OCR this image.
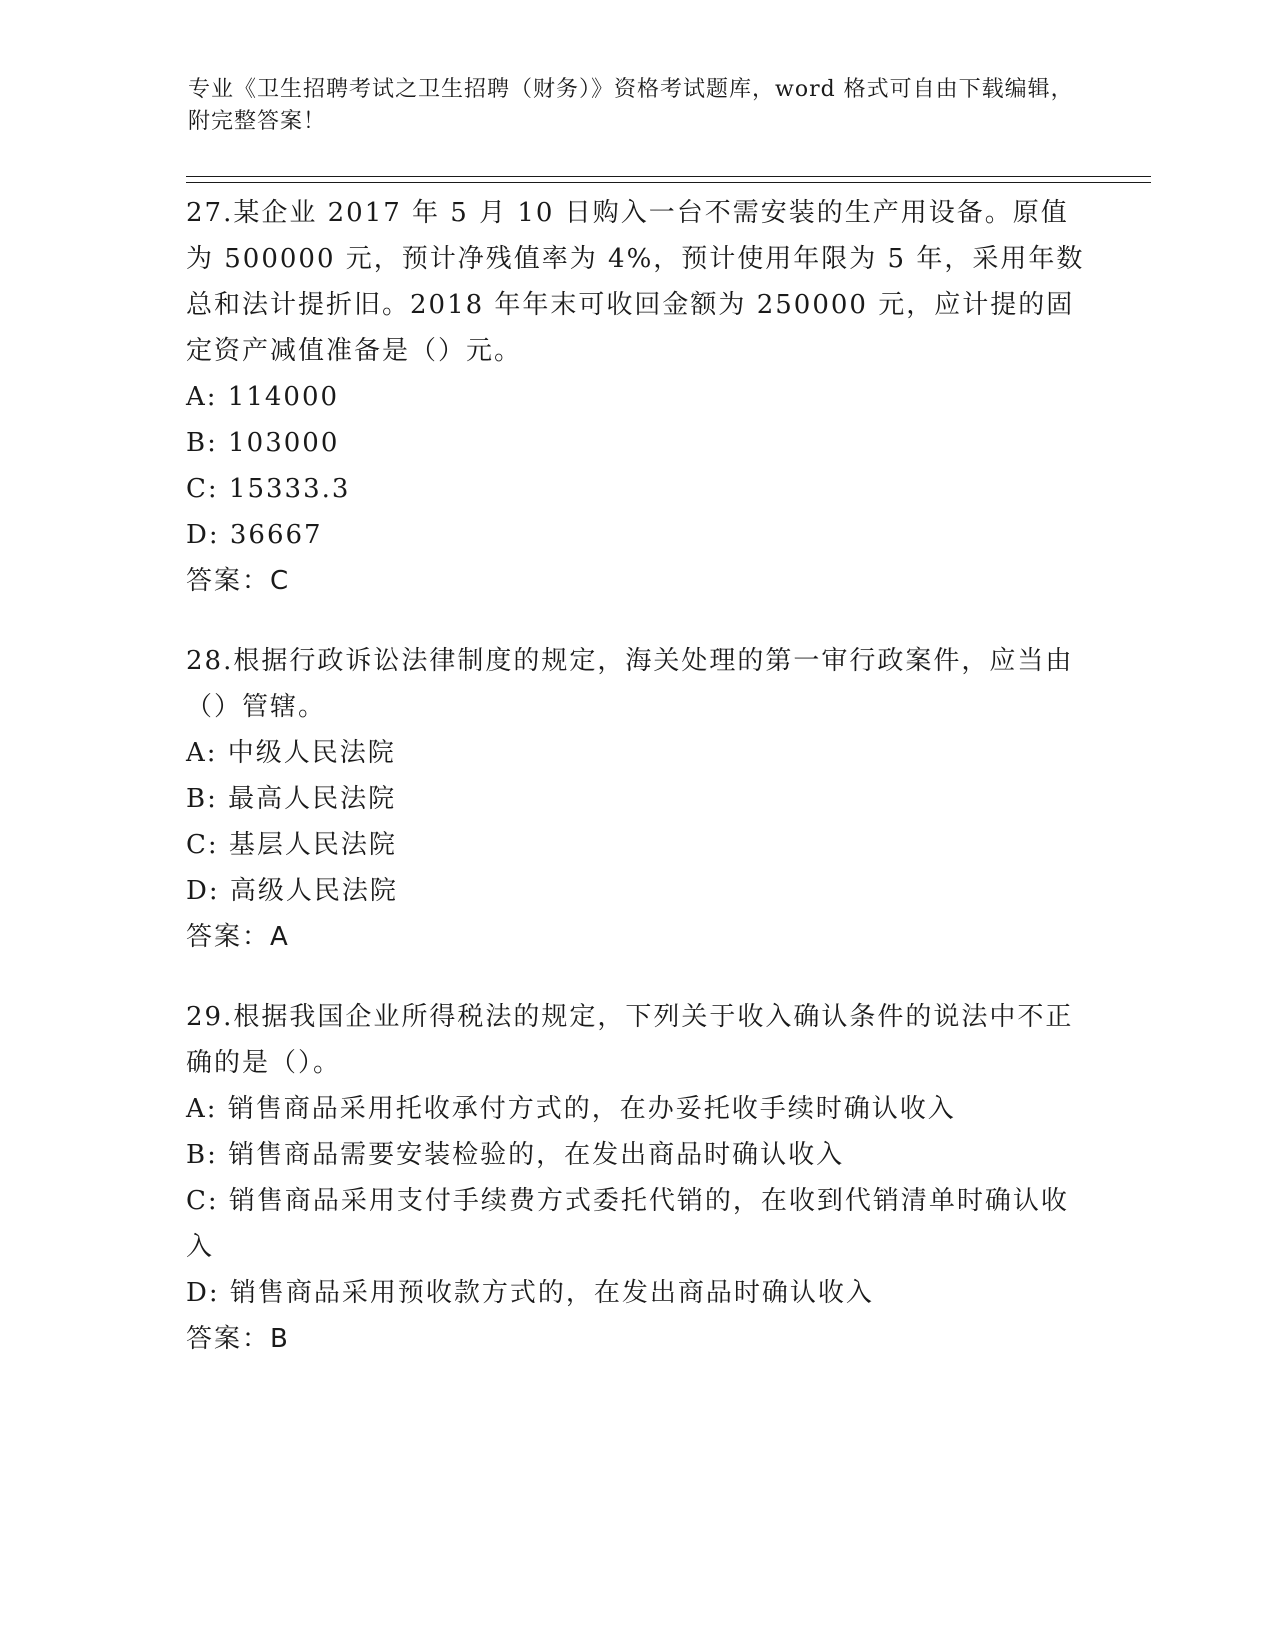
专业《卫生招聘考试之卫生招聘（财务）》资格考试题库，word 格式可自由下载编辑，附完整答案！
27.某企业 2017 年 5 月 10 日购入一台不需安装的生产用设备。原值为 500000 元，预计净残值率为 4%，预计使用年限为 5 年，采用年数总和法计提折旧。2018 年年末可收回金额为 250000 元，应计提的固定资产减值准备是（）元。
A: 114000
B: 103000
C: 15333.3
D: 36667
答案：C
28.根据行政诉讼法律制度的规定，海关处理的第一审行政案件，应当由（）管辖。
A: 中级人民法院
B: 最高人民法院
C: 基层人民法院
D: 高级人民法院
答案：A
29.根据我国企业所得税法的规定，下列关于收入确认条件的说法中不正确的是（）。
A: 销售商品采用托收承付方式的，在办妥托收手续时确认收入
B: 销售商品需要安装检验的，在发出商品时确认收入
C: 销售商品采用支付手续费方式委托代销的，在收到代销清单时确认收入
D: 销售商品采用预收款方式的，在发出商品时确认收入
答案：B
